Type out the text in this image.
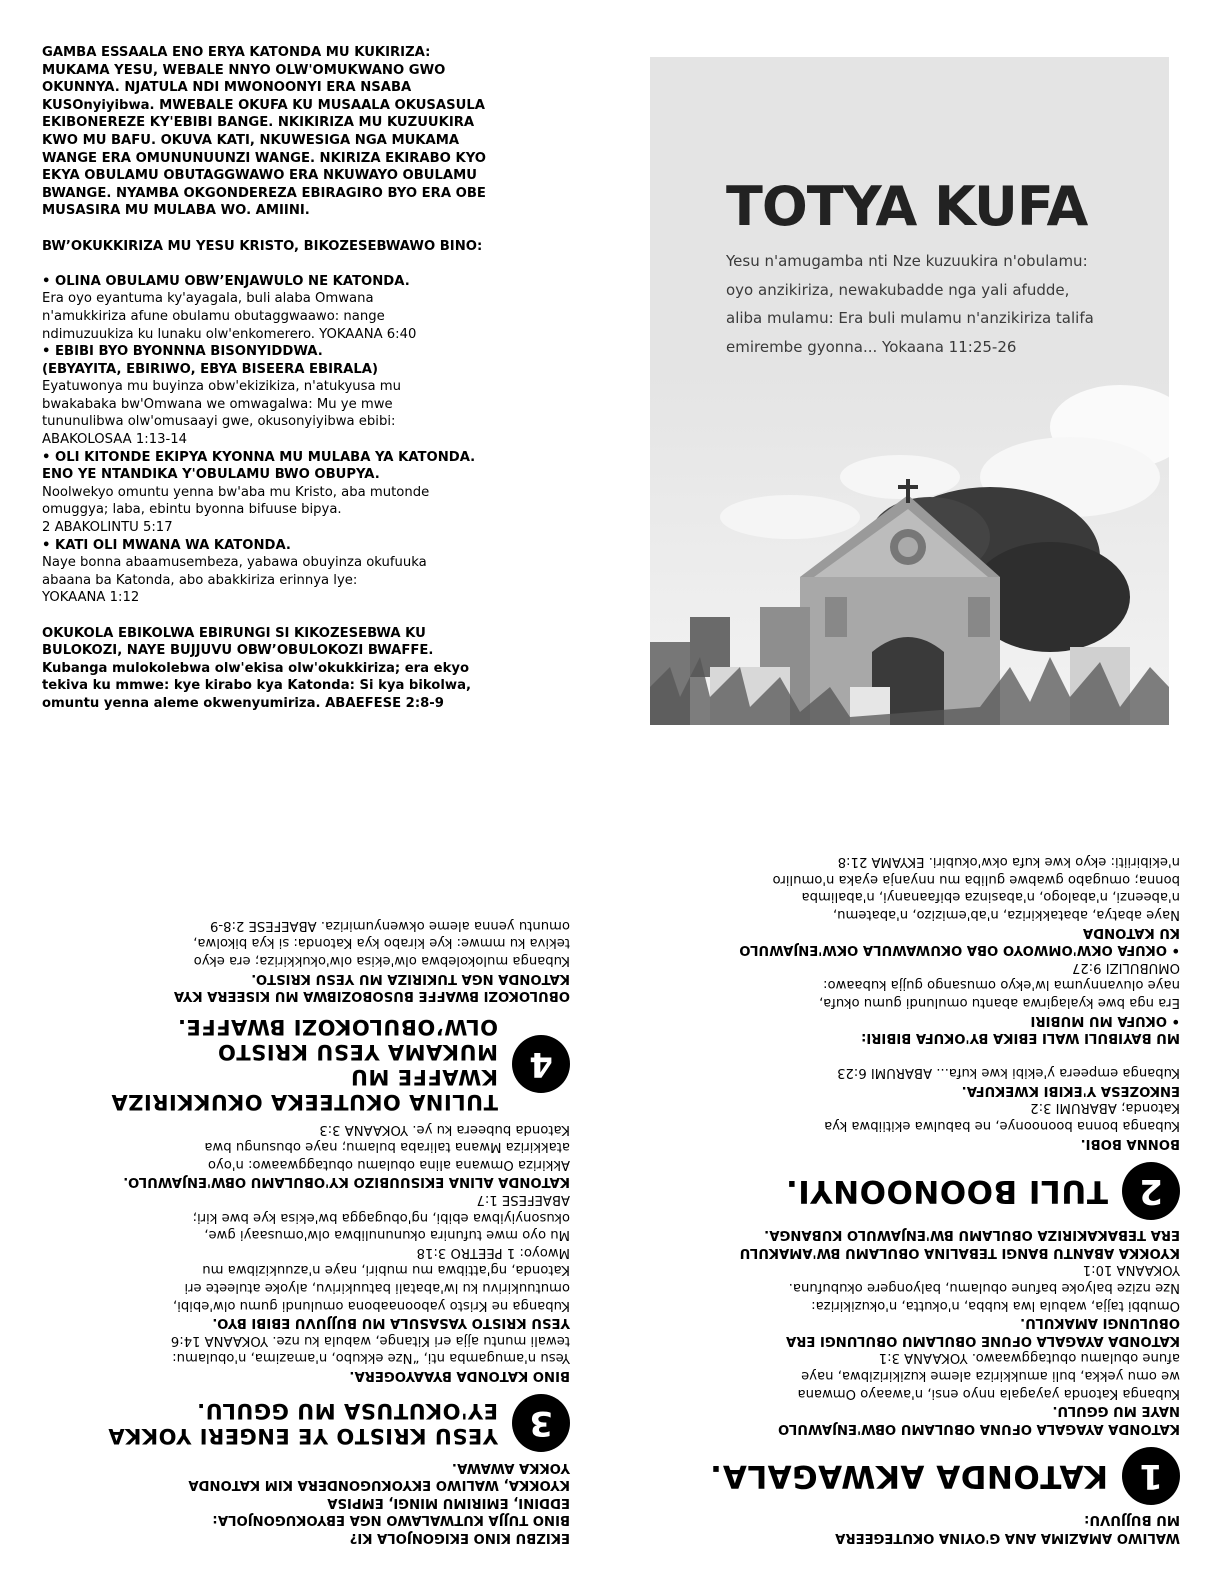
GAMBA ESSAALA ENO ERYA KATONDA MU KUKIRIZA:

MUKAMA YESU, WEBALE NNYO OLW'OMUKWANO GWO

OKUNNYA. NJATULA NDI MWONOONYI ERA NSABA

KUSOnyiyibwa. MWEBALE OKUFA KU MUSAALA OKUSASULA

EKIBONEREZE KY'EBIBI BANGE. NKIKIRIZA MU KUZUUKIRA

KWO MU BAFU. OKUVA KATI, NKUWESIGA NGA MUKAMA

WANGE ERA OMUNUNUUNZI WANGE. NKIRIZA EKIRABO KYO

EKYA OBULAMU OBUTAGGWAWO ERA NKUWAYO OBULAMU

BWANGE. NYAMBA OKGONDEREZA EBIRAGIRO BYO ERA OBE

MUSASIRA MU MULABA WO. AMIINI.

BW’OKUKKIRIZA MU YESU KRISTO, BIKOZESEBWAWO BINO:

• OLINA OBULAMU OBW’ENJAWULO NE KATONDA.

Era oyo eyantuma ky'ayagala, buli alaba Omwana

n'amukkiriza afune obulamu obutaggwaawo: nange

ndimuzuukiza ku lunaku olw'enkomerero. YOKAANA 6:40

• EBIBI BYO BYONNNA BISONYIDDWA.

(EBYAYITA, EBIRIWO, EBYA BISEERA EBIRALA)

Eyatuwonya mu buyinza obw'ekizikiza, n'atukyusa mu

bwakabaka bw'Omwana we omwagalwa: Mu ye mwe

tununulibwa olw'omusaayi gwe, okusonyiyibwa ebibi:

ABAKOLOSAA 1:13-14

• OLI KITONDE EKIPYA KYONNA MU MULABA YA KATONDA.

ENO YE NTANDIKA Y'OBULAMU BWO OBUPYA.

Noolwekyo omuntu yenna bw'aba mu Kristo, aba mutonde

omuggya; laba, ebintu byonna bifuuse bipya.

2 ABAKOLINTU 5:17

• KATI OLI MWANA WA KATONDA.

Naye bonna abaamusembeza, yabawa obuyinza okufuuka

abaana ba Katonda, abo abakkiriza erinnya lye:

YOKAANA 1:12

OKUKOLA EBIKOLWA EBIRUNGI SI KIKOZESEBWA KU

BULOKOZI, NAYE BUJJUVU OBW’OBULOKOZI BWAFFE.

Kubanga mulokolebwa olw'ekisa olw'okukkiriza; era ekyo

tekiva ku mmwe: kye kirabo kya Katonda: Si kya bikolwa,

omuntu yenna aleme okwenyumiriza. ABAEFESE 2:8-9

TOTYA KUFA
Yesu n'amugamba nti Nze kuzuukira n'obulamu:
oyo anzikiriza, newakubadde nga yali afudde,
aliba mulamu: Era buli mulamu n'anzikiriza talifa
emirembe gyonna... Yokaana 11:25-26

WALIWO AMAZIMA ANA G'OYINA OKUTEGEERA

MU BUJJUVU:

1

KATONDA AKWAGALA.

KATONDA AYAGALA OFUNA OBULAMU OBW'ENJAWULO

NAYE MU GGULU.

Kubanga Katonda yayagala nnyo ensi, n'awaayo Omwana

we omu yekka, buli amukkiriza aleme kuzikirizibwa, naye

afune obulamu obutaggwaawo. YOKAANA 3:1

KATONDA AYAGALA OFUNE OBULAMU OBULUNGI ERA

OBULUNGI AMAKULU.

Omubbi tajja, wabula lwa kubba, n'okutta, n'okuzikiriza:

Nze nzize balyoke bafune obulamu, balyongere okubufuna.

YOKAANA 10:1

KYOKKA ABANTU BANGI TEBALINA OBULAMU BW'AMAKULU

ERA TEBAKAKIRIZA OBULAMU BW'ENJAWULO KUBANGA.

2

TULI BOONOONYI.

BONNA BOBI.

Kubanga bonna boonoonye, ne babulwa ekitiibwa kya

Katonda; ABARUMI 3:2

ENKOZESA Y'EKIBI KWEKUFA.

Kubanga empeera y'ekibi kwe kufa... ABARUMI 6:23

MU BAYIBULI WALI EBIKA BY'OKUFA BIBIRI:

• OKUFA MU MUBIRI

Era nga bwe kyalagirwa abantu omulundi gumu okufa,

naye oluvannyuma lw'ekyo omusango gujja kubaawo:

OMUBULIZI 9:27

• OKUFA OKW'OMWOYO OBA OKUWAWULA OKW'ENJAWULO

KU KATONDA

Naye abatya, abatakkiriza, n'ab'emizizo, n'abatemu,

n'abeenzi, n'abalogo, n'abasinza ebifaananyi, n'abalimba

bonna; omugabo gwabwe guliba mu nnyanja eyaka n'omuliro

n'ekibiriiti: ekyo kwe kufa okw'okubiri. EKYAMA 21:8

EKIZBU KINO EKIGONJOLA KI?

BINO TUJJA KUTWALAWO NGA EBYOKUGONJOLA:

EDDINI, EMIRIMU MINGI, EMPISA

KYOKKA, WALIWO EKYOKUGONDERA KIM KATONDA

YOKKA AWAWA.

3

YESU KRISTO YE ENGERI YOKKA

EY'OKUTUSA MU GGULU.

BINO KATONDA BYAAYOGERA.

Yesu n'amugamba nti, “Nze ekkubo, n'amazima, n'obulamu:

tewali muntu ajja eri Kitange, wabula ku nze. YOKAANA 14:6

YESU KRISTO YASASULA MU BUJJUVU EBIBI BYO.

Kubanga ne Kristo yaboonaabona omulundi gumu olw'ebibi,

omutuukirivu ku lw'abatali batuukirivu, alyoke atuleete eri

Katonda, ng'attibwa mu mubiri, naye n'azuukizibwa mu

Mwoyo: 1 PEETRO 3:18

Mu oyo mwe tufunira okununulibwa olw'omusaayi gwe,

okusonyiyibwa ebibi, ng'obugagga bw'ekisa kye bwe kiri;

ABAEFESE 1:7

KATONDA ALINA EKISUUBIZO KY'OBULAMU OBW'ENJAWULO.

Akkiriza Omwana alina obulamu obutaggwaawo: n'oyo

atakkiriza Mwana taliraba bulamu; naye obusungu bwa

Katonda bubeera ku ye. YOKAANA 3:3

4

TULINA OKUTEEKA OKUKKIRIZA KWAFFE MU

MUKAMA YESU KRISTO OLW’OBULOKOZI BWAFFE.

OBULOKOZI BWAFFE BUSOBOZIBWA MU KISEERA KYA

KATONDA NGA TUKIRIZA MU YESU KRISTO.

Kubanga mulokolebwa olw'ekisa olw'okukkiriza; era ekyo

tekiva ku mmwe: kye kirabo kya Katonda: si kya bikolwa,

omuntu yenna aleme okwenyumiriza. ABAEFESE 2:8-9
